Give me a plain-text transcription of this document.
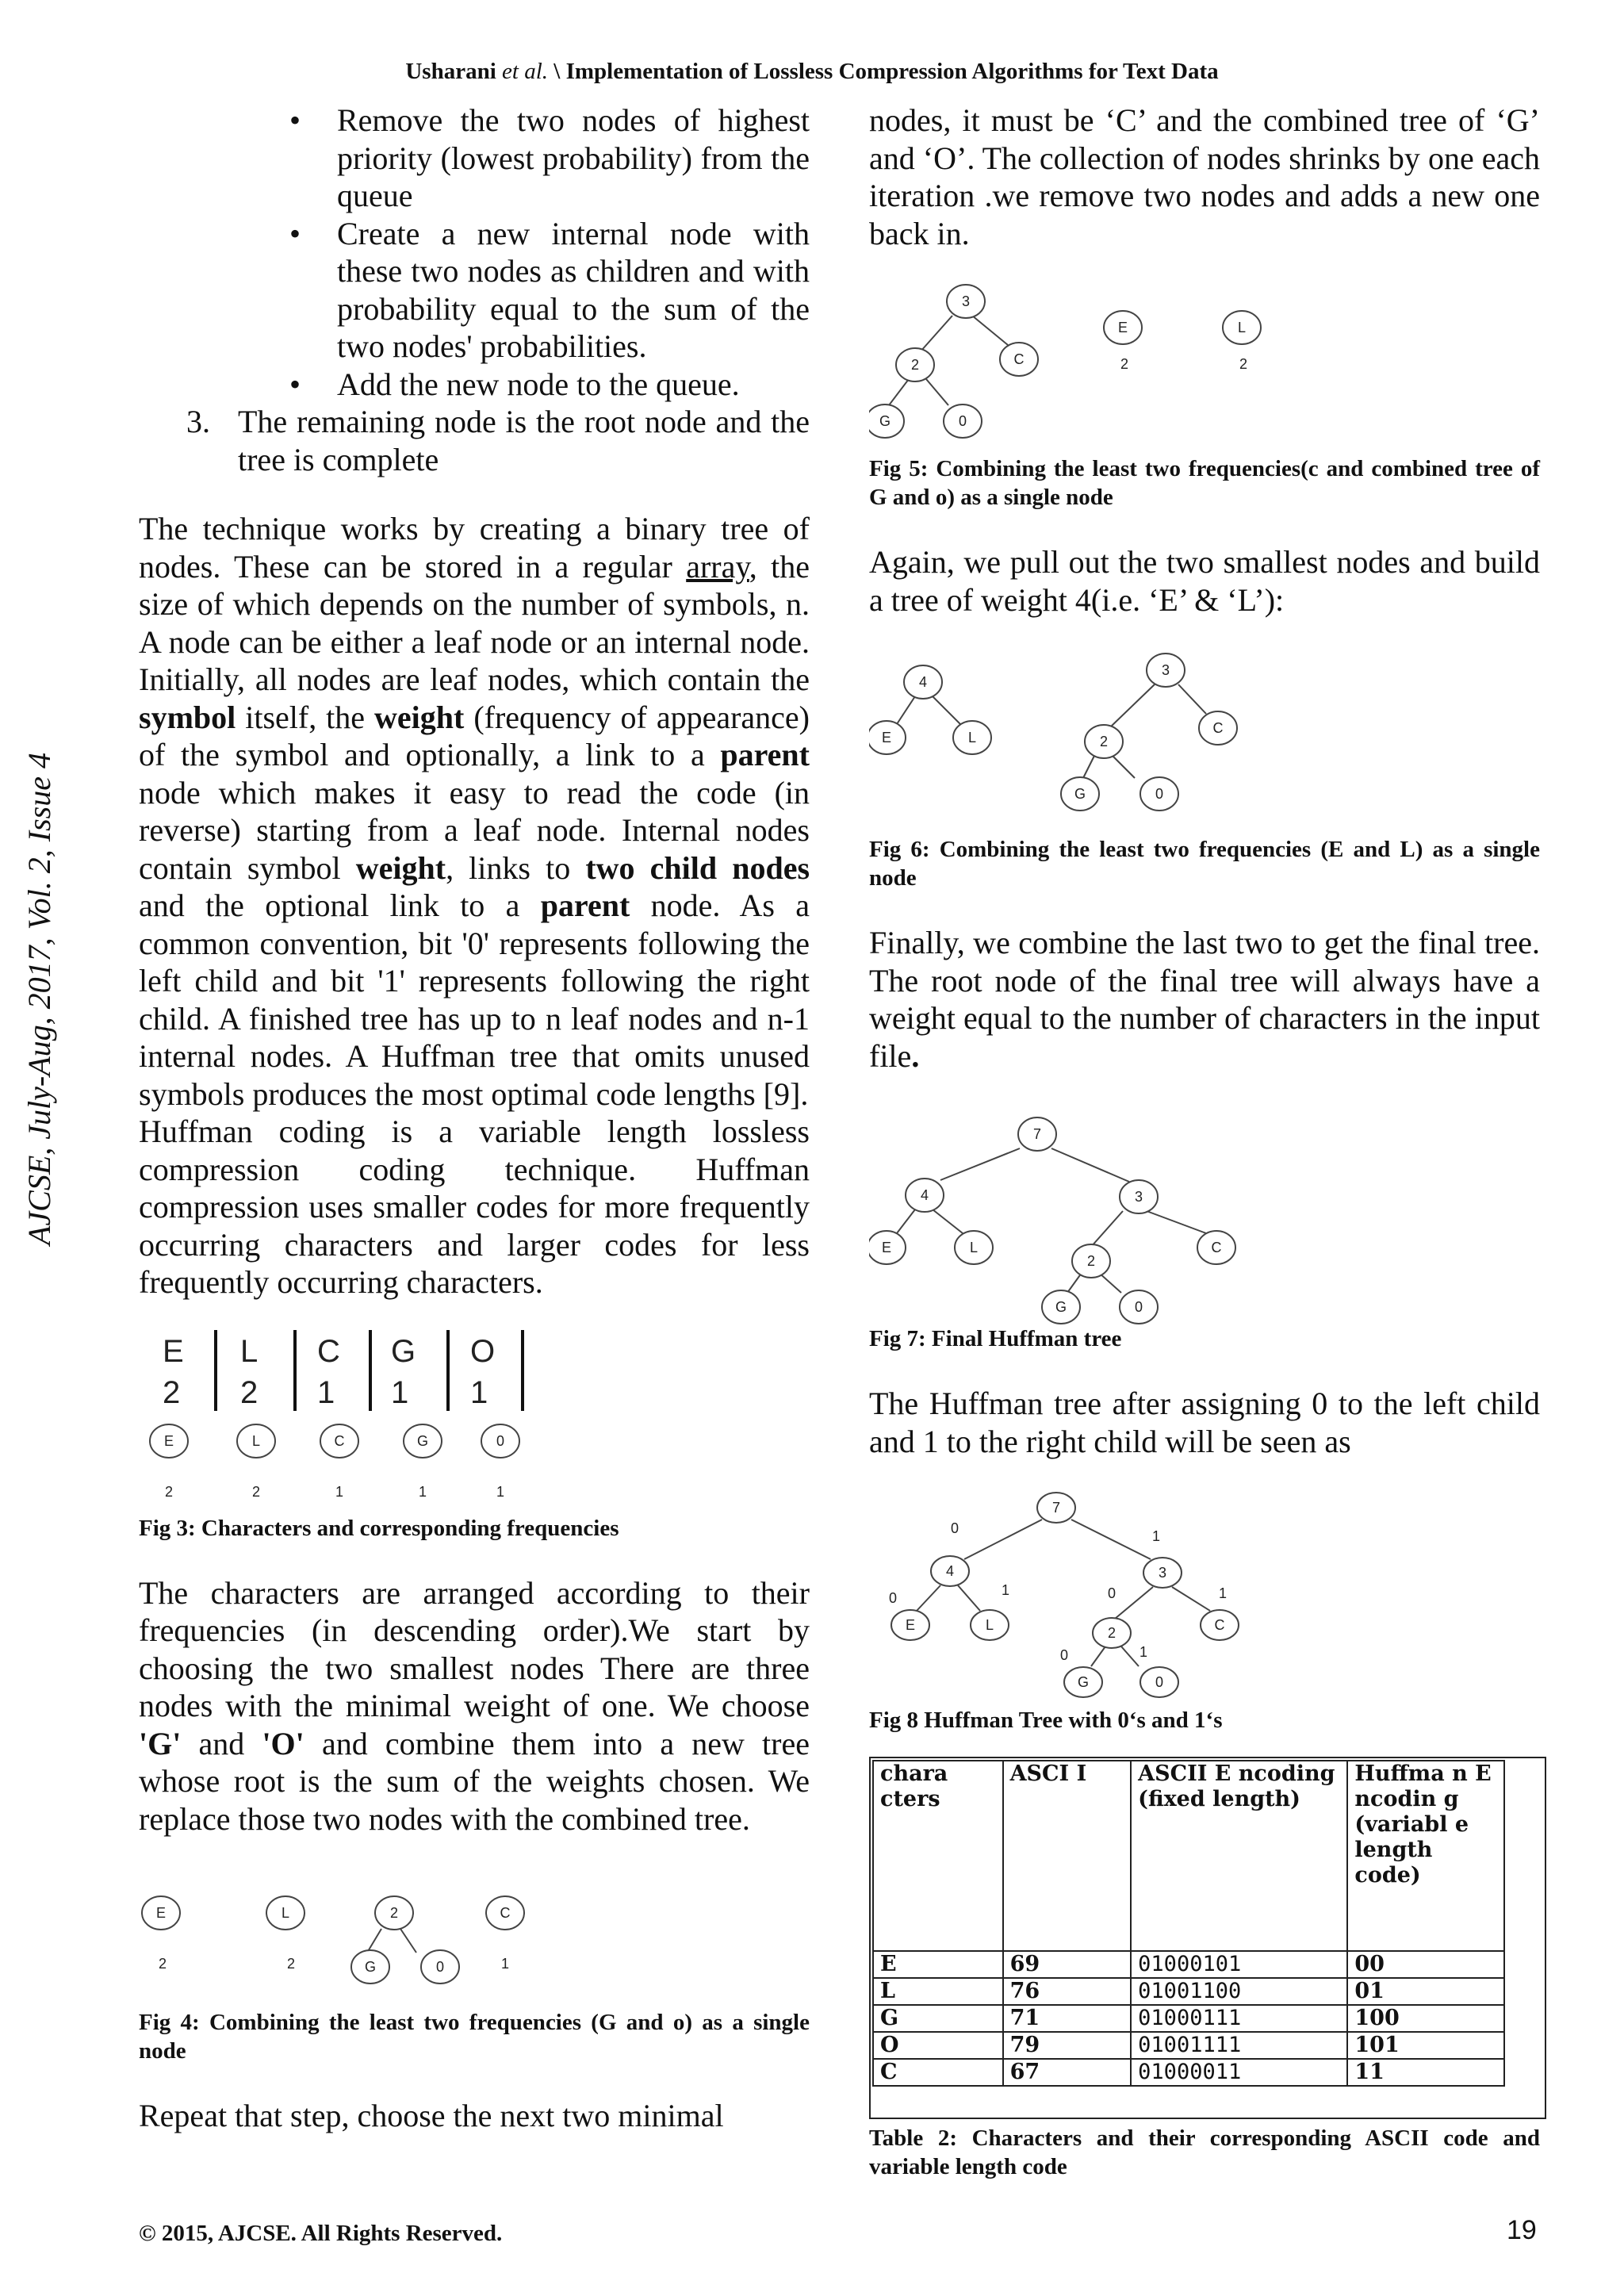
Usharani et al. \ Implementation of Lossless Compression Algorithms for Text Data
AJCSE, July-Aug, 2017, Vol. 2, Issue 4
• Remove the two nodes of highest priority (lowest probability) from the queue
• Create a new internal node with these two nodes as children and with probability equal to the sum of the two nodes' probabilities.
• Add the new node to the queue.
3. The remaining node is the root node and the tree is complete

The technique works by creating a binary tree of nodes. These can be stored in a regular array, the size of which depends on the number of symbols, n. A node can be either a leaf node or an internal node. Initially, all nodes are leaf nodes, which contain the symbol itself, the weight (frequency of appearance) of the symbol and optionally, a link to a parent node which makes it easy to read the code (in reverse) starting from a leaf node. Internal nodes contain symbol weight, links to two child nodes and the optional link to a parent node. As a common convention, bit '0' represents following the left child and bit '1' represents following the right child. A finished tree has up to n leaf nodes and n-1 internal nodes. A Huffman tree that omits unused symbols produces the most optimal code lengths [9].

Huffman coding is a variable length lossless compression coding technique. Huffman compression uses smaller codes for more frequently occurring characters and larger codes for less frequently occurring characters.

E L C G O
2 2 1 1 1
E	L	C	G	0
2	2	1	1	1

Fig 3: Characters and corresponding frequencies

The characters are arranged according to their frequencies (in descending order).We start by choosing the two smallest nodes There are three nodes with the minimal weight of one. We choose 'G' and 'O' and combine them into a new tree whose root is the sum of the weights chosen. We replace those two nodes with the combined tree.

E	L	2	C
G	0
2	2	1

Fig 4: Combining the least two frequencies (G and o) as a single node

Repeat that step, choose the next two minimal

nodes, it must be ‘C’ and the combined tree of ‘G’ and ‘O’. The collection of nodes shrinks by one each iteration .we remove two nodes and adds a new one back in.

3
2	C
G	0
E	L
2	2

Fig 5: Combining the least two frequencies(c and combined tree of G and o) as a single node

Again, we pull out the two smallest nodes and build a tree of weight 4(i.e. ‘E’ & ‘L’):

4
E	L
3
2
C
G	0

Fig 6: Combining the least two frequencies (E and L) as a single node

Finally, we combine the last two to get the final tree. The root node of the final tree will always have a weight equal to the number of characters in the input file.

7
4	3
E	L
2
C
G	0

Fig 7: Final Huffman tree

The Huffman tree after assigning 0 to the left child and 1 to the right child will be seen as

7
4	3
E	L	2	C
G	0
0	1
0	1	0	1
0	1

Fig 8 Huffman Tree with 0‘s and 1‘s

chara cters	ASCI I	ASCII E ncoding (fixed length)	Huffma n E ncodin g (variabl e length code)
E	69	01000101	00
L	76	01001100	01
G	71	01000111	100
O	79	01001111	101
C	67	01000011	11

Table 2: Characters and their corresponding ASCII code and variable length code

© 2015, AJCSE. All Rights Reserved.	19
